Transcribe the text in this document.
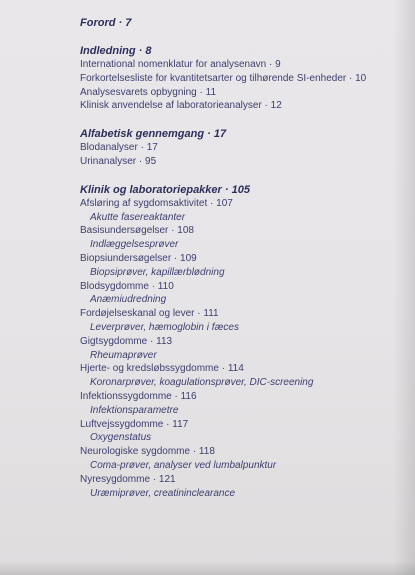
Forord · 7
Indledning · 8
International nomenklatur for analysenavn · 9
Forkortelsesliste for kvantitetsarter og tilhørende SI-enheder · 10
Analysesvarets opbygning · 11
Klinisk anvendelse af laboratorieanalyser · 12
Alfabetisk gennemgang · 17
Blodanalyser · 17
Urinanalyser · 95
Klinik og laboratoriepakker · 105
Afsløring af sygdomsaktivitet · 107
Akutte fasereaktanter
Basisundersøgelser · 108
Indlæggelsesprøver
Biopsiundersøgelser · 109
Biopsiprøver, kapillærblødning
Blodsygdomme · 110
Anæmiudredning
Fordøjelseskanal og lever · 111
Leverprøver, hæmoglobin i fæces
Gigtsygdomme · 113
Rheumaprøver
Hjerte- og kredsløbssygdomme · 114
Koronarprøver, koagulationsprøver, DIC-screening
Infektionssygdomme · 116
Infektionsparametre
Luftvejssygdomme · 117
Oxygenstatus
Neurologiske sygdomme · 118
Coma-prøver, analyser ved lumbalpunktur
Nyresygdomme · 121
Uræmiprøver, creatininclearance
